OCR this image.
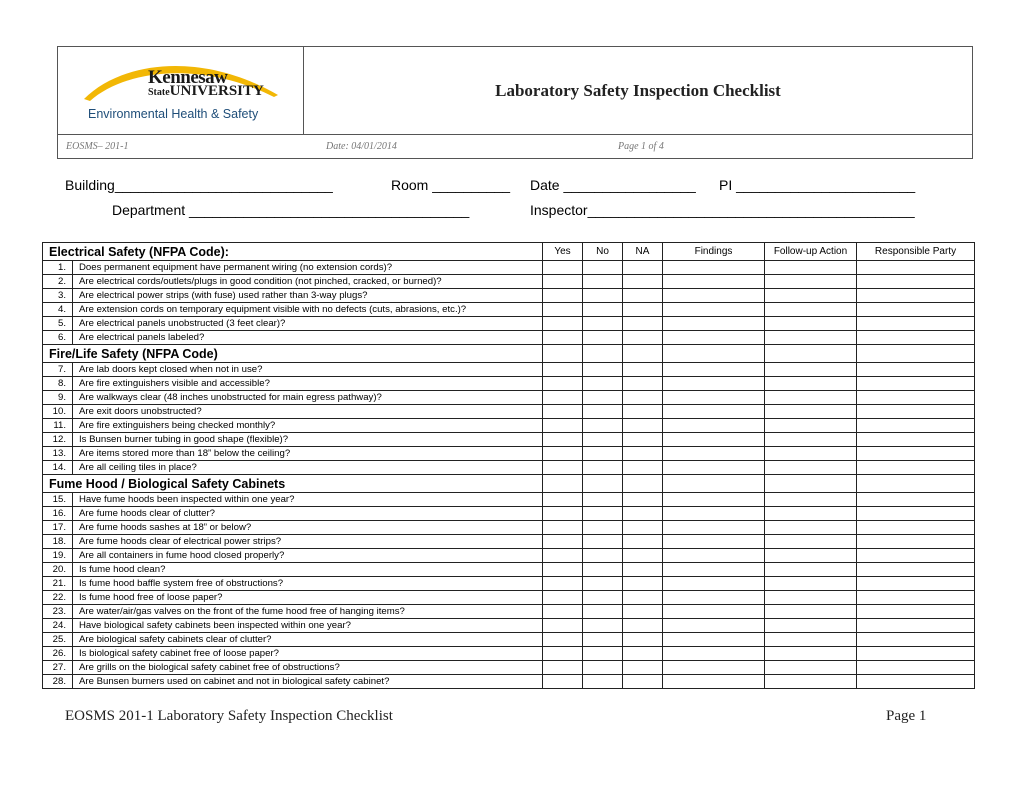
Kennesaw
StateUNIVERSITY
Environmental Health & Safety
Laboratory Safety Inspection Checklist
EOSMS– 201-1	Date: 04/01/2014	Page 1 of 4
Building____________________________	Room __________ Date _________________ PI _______________________
Department ____________________________________	Inspector__________________________________________
Electrical Safety (NFPA Code):		Yes	No	NA	Findings	Follow-up Action	Responsible Party
1.	Does permanent equipment have permanent wiring (no extension cords)?						
2.	Are electrical cords/outlets/plugs in good condition (not pinched, cracked, or burned)?						
3.	Are electrical power strips (with fuse) used rather than 3-way plugs?						
4.	Are extension cords on temporary equipment visible with no defects (cuts, abrasions, etc.)?						
5.	Are electrical panels unobstructed (3 feet clear)?						
6.	Are electrical panels labeled?						
Fire/Life Safety (NFPA Code)							
7.	Are lab doors kept closed when not in use?						
8.	Are fire extinguishers visible and accessible?						
9.	Are walkways clear (48 inches unobstructed for main egress pathway)?						
10.	Are exit doors unobstructed?						
11.	Are fire extinguishers being checked monthly?						
12.	Is Bunsen burner tubing in good shape (flexible)?						
13.	Are items stored more than 18” below the ceiling?						
14.	Are all ceiling tiles in place?						
Fume Hood / Biological Safety Cabinets							
15.	Have fume hoods been inspected within one year?						
16.	Are fume hoods clear of clutter?						
17.	Are fume hoods sashes at 18” or below?						
18.	Are fume hoods clear of electrical power strips?						
19.	Are all containers in fume hood closed properly?						
20.	Is fume hood clean?						
21.	Is fume hood baffle system free of obstructions?						
22.	Is fume hood free of loose paper?						
23.	Are water/air/gas valves on the front of the fume hood free of hanging items?						
24.	Have biological safety cabinets been inspected within one year?						
25.	Are biological safety cabinets clear of clutter?						
26.	Is biological safety cabinet free of loose paper?						
27.	Are grills on the biological safety cabinet free of obstructions?						
28.	Are Bunsen burners used on cabinet and not in biological safety cabinet?						
EOSMS 201-1 Laboratory Safety Inspection Checklist	Page 1
